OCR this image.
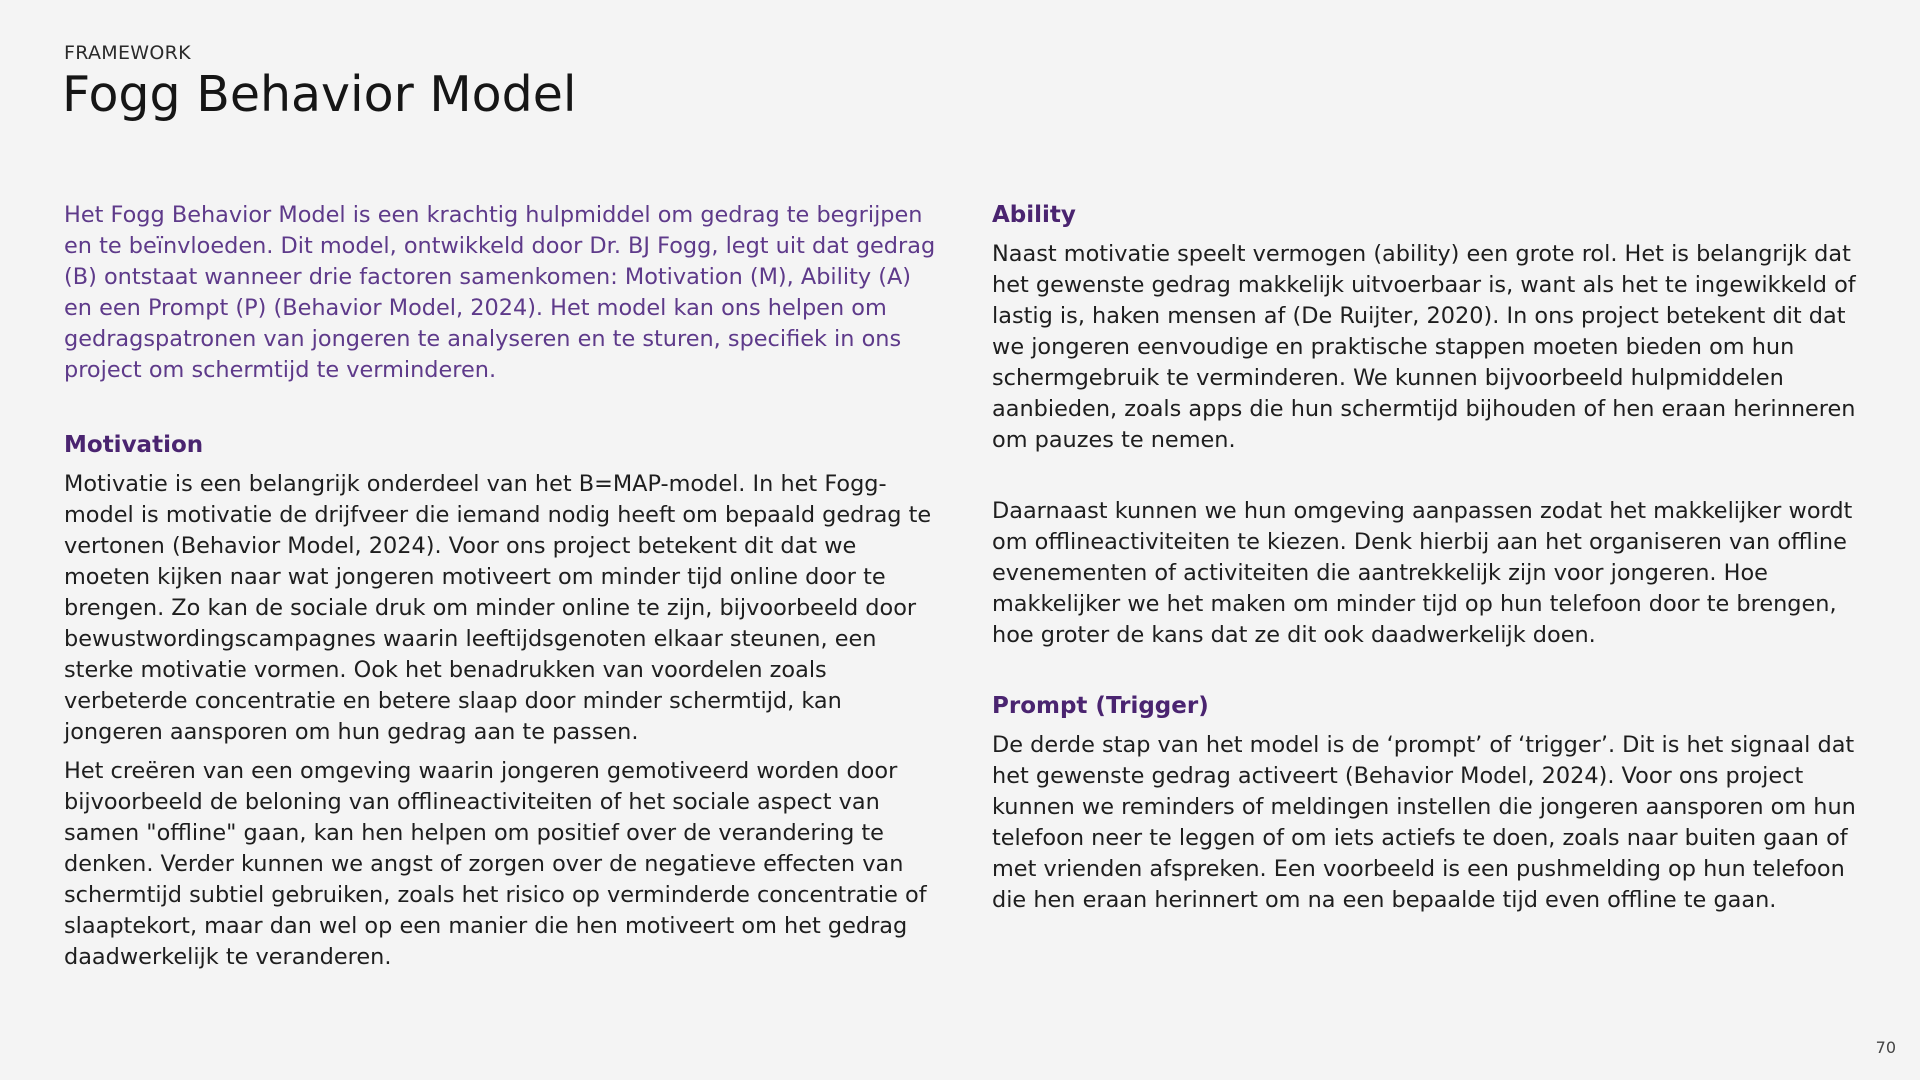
FRAMEWORK
Fogg Behavior Model

Het Fogg Behavior Model is een krachtig hulpmiddel om gedrag te begrijpen en te beïnvloeden. Dit model, ontwikkeld door Dr. BJ Fogg, legt uit dat gedrag (B) ontstaat wanneer drie factoren samenkomen: Motivation (M), Ability (A) en een Prompt (P) (Behavior Model, 2024). Het model kan ons helpen om gedragspatronen van jongeren te analyseren en te sturen, specifiek in ons project om schermtijd te verminderen.

Motivation

Motivatie is een belangrijk onderdeel van het B=MAP-model. In het Fogg-model is motivatie de drijfveer die iemand nodig heeft om bepaald gedrag te vertonen (Behavior Model, 2024). Voor ons project betekent dit dat we moeten kijken naar wat jongeren motiveert om minder tijd online door te brengen. Zo kan de sociale druk om minder online te zijn, bijvoorbeeld door bewustwordingscampagnes waarin leeftijdsgenoten elkaar steunen, een sterke motivatie vormen. Ook het benadrukken van voordelen zoals verbeterde concentratie en betere slaap door minder schermtijd, kan jongeren aansporen om hun gedrag aan te passen.

Het creëren van een omgeving waarin jongeren gemotiveerd worden door bijvoorbeeld de beloning van offlineactiviteiten of het sociale aspect van samen "offline" gaan, kan hen helpen om positief over de verandering te denken. Verder kunnen we angst of zorgen over de negatieve effecten van schermtijd subtiel gebruiken, zoals het risico op verminderde concentratie of slaaptekort, maar dan wel op een manier die hen motiveert om het gedrag daadwerkelijk te veranderen.

Ability

Naast motivatie speelt vermogen (ability) een grote rol. Het is belangrijk dat het gewenste gedrag makkelijk uitvoerbaar is, want als het te ingewikkeld of lastig is, haken mensen af (De Ruijter, 2020). In ons project betekent dit dat we jongeren eenvoudige en praktische stappen moeten bieden om hun schermgebruik te verminderen. We kunnen bijvoorbeeld hulpmiddelen aanbieden, zoals apps die hun schermtijd bijhouden of hen eraan herinneren om pauzes te nemen.

Daarnaast kunnen we hun omgeving aanpassen zodat het makkelijker wordt om offlineactiviteiten te kiezen. Denk hierbij aan het organiseren van offline evenementen of activiteiten die aantrekkelijk zijn voor jongeren. Hoe makkelijker we het maken om minder tijd op hun telefoon door te brengen, hoe groter de kans dat ze dit ook daadwerkelijk doen.

Prompt (Trigger)

De derde stap van het model is de ‘prompt’ of ‘trigger’. Dit is het signaal dat het gewenste gedrag activeert (Behavior Model, 2024). Voor ons project kunnen we reminders of meldingen instellen die jongeren aansporen om hun telefoon neer te leggen of om iets actiefs te doen, zoals naar buiten gaan of met vrienden afspreken. Een voorbeeld is een pushmelding op hun telefoon die hen eraan herinnert om na een bepaalde tijd even offline te gaan.

70
